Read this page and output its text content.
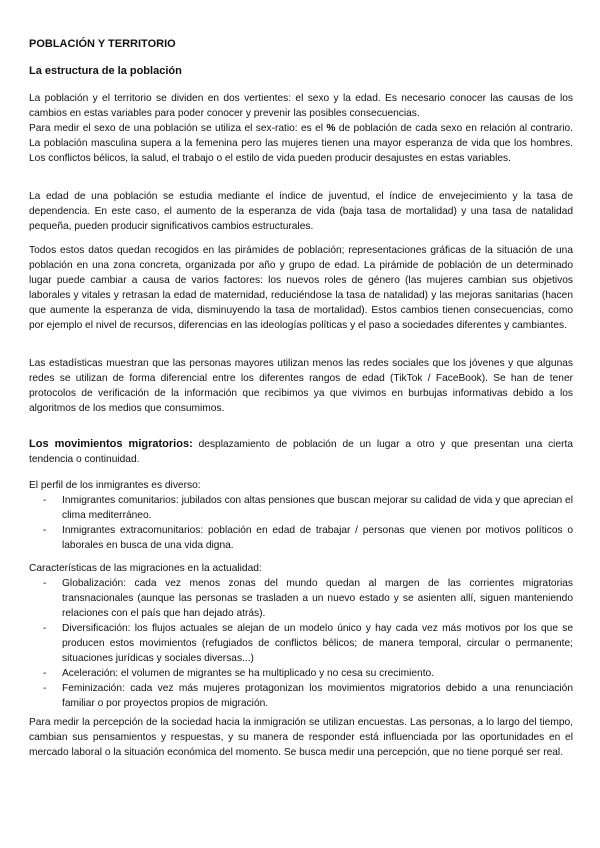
POBLACIÓN Y TERRITORIO
La estructura de la población

La población y el territorio se dividen en dos vertientes: el sexo y la edad. Es necesario conocer las causas de los cambios en estas variables para poder conocer y prevenir las posibles consecuencias.

Para medir el sexo de una población se utiliza el sex-ratio: es el % de población de cada sexo en relación al contrario. La población masculina supera a la femenina pero las mujeres tienen una mayor esperanza de vida que los hombres. Los conflictos bélicos, la salud, el trabajo o el estilo de vida pueden producir desajustes en estas variables.

La edad de una población se estudia mediante el índice de juventud, el índice de envejecimiento y la tasa de dependencia. En este caso, el aumento de la esperanza de vida (baja tasa de mortalidad) y una tasa de natalidad pequeña, pueden producir significativos cambios estructurales.

Todos estos datos quedan recogidos en las pirámides de población; representaciones gráficas de la situación de una población en una zona concreta, organizada por año y grupo de edad. La pirámide de población de un determinado lugar puede cambiar a causa de varios factores: los nuevos roles de género (las mujeres cambian sus objetivos laborales y vitales y retrasan la edad de maternidad, reduciéndose la tasa de natalidad) y las mejoras sanitarias (hacen que aumente la esperanza de vida, disminuyendo la tasa de mortalidad). Estos cambios tienen consecuencias, como por ejemplo el nivel de recursos, diferencias en las ideologías políticas y el paso a sociedades diferentes y cambiantes.

Las estadísticas muestran que las personas mayores utilizan menos las redes sociales que los jóvenes y que algunas redes se utilizan de forma diferencial entre los diferentes rangos de edad (TikTok / FaceBook). Se han de tener protocolos de verificación de la información que recibimos ya que vivimos en burbujas informativas debido a los algoritmos de los medios que consumimos.

Los movimientos migratorios: desplazamiento de población de un lugar a otro y que presentan una cierta tendencia o continuidad.

El perfil de los inmigrantes es diverso:

- Inmigrantes comunitarios: jubilados con altas pensiones que buscan mejorar su calidad de vida y que aprecian el clima mediterráneo.
- Inmigrantes extracomunitarios: población en edad de trabajar / personas que vienen por motivos políticos o laborales en busca de una vida digna.

Características de las migraciones en la actualidad:

- Globalización: cada vez menos zonas del mundo quedan al margen de las corrientes migratorias transnacionales (aunque las personas se trasladen a un nuevo estado y se asienten allí, siguen manteniendo relaciones con el país que han dejado atrás).
- Diversificación: los flujos actuales se alejan de un modelo único y hay cada vez más motivos por los que se producen estos movimientos (refugiados de conflictos bélicos; de manera temporal, circular o permanente; situaciones jurídicas y sociales diversas...)
- Aceleración: el volumen de migrantes se ha multiplicado y no cesa su crecimiento.
- Feminización: cada vez más mujeres protagonizan los movimientos migratorios debido a una renunciación familiar o por proyectos propios de migración.

Para medir la percepción de la sociedad hacia la inmigración se utilizan encuestas. Las personas, a lo largo del tiempo, cambian sus pensamientos y respuestas, y su manera de responder está influenciada por las oportunidades en el mercado laboral o la situación económica del momento. Se busca medir una percepción, que no tiene porqué ser real.
